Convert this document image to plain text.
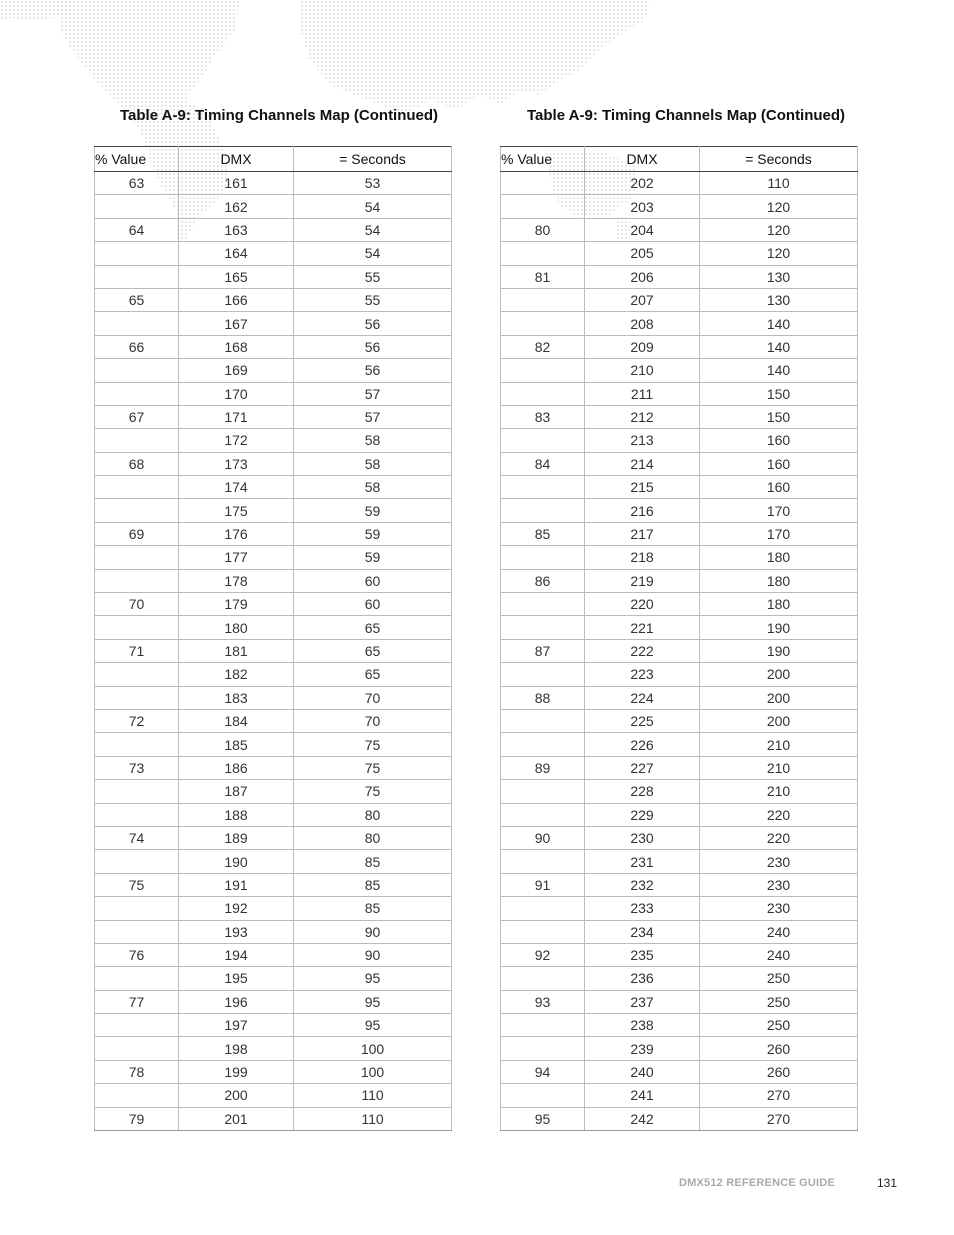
Table A-9: Timing Channels Map (Continued)	Table A-9: Timing Channels Map (Continued)
% Value	DMX	= Seconds
63	161	53
	162	54
64	163	54
	164	54
	165	55
65	166	55
	167	56
66	168	56
	169	56
	170	57
67	171	57
	172	58
68	173	58
	174	58
	175	59
69	176	59
	177	59
	178	60
70	179	60
	180	65
71	181	65
	182	65
	183	70
72	184	70
	185	75
73	186	75
	187	75
	188	80
74	189	80
	190	85
75	191	85
	192	85
	193	90
76	194	90
	195	95
77	196	95
	197	95
	198	100
78	199	100
	200	110
79	201	110
% Value	DMX	= Seconds
	202	110
	203	120
80	204	120
	205	120
81	206	130
	207	130
	208	140
82	209	140
	210	140
	211	150
83	212	150
	213	160
84	214	160
	215	160
	216	170
85	217	170
	218	180
86	219	180
	220	180
	221	190
87	222	190
	223	200
88	224	200
	225	200
	226	210
89	227	210
	228	210
	229	220
90	230	220
	231	230
91	232	230
	233	230
	234	240
92	235	240
	236	250
93	237	250
	238	250
	239	260
94	240	260
	241	270
95	242	270
DMX512 REFERENCE GUIDE	131
